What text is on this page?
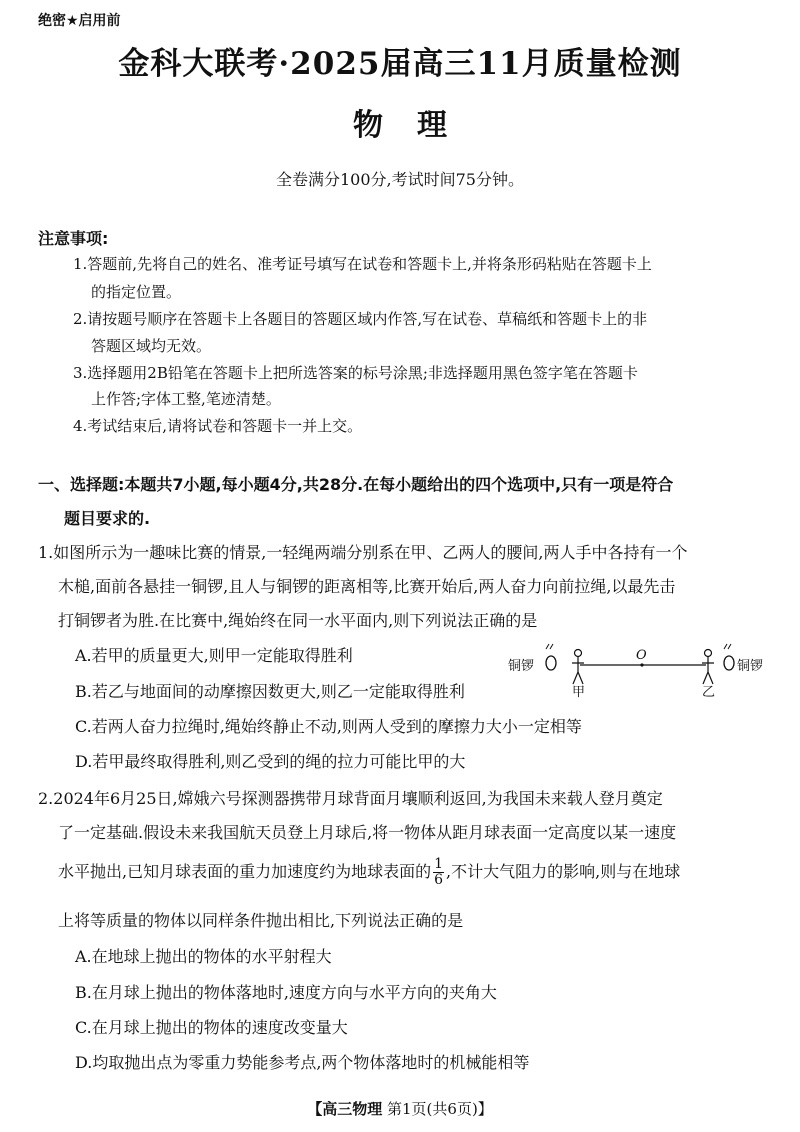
绝密★启用前
金科大联考·2025届高三11月质量检测
物理
全卷满分100分,考试时间75分钟。
注意事项:
1.答题前,先将自己的姓名、准考证号填写在试卷和答题卡上,并将条形码粘贴在答题卡上
的指定位置。
2.请按题号顺序在答题卡上各题目的答题区域内作答,写在试卷、草稿纸和答题卡上的非
答题区域均无效。
3.选择题用2B铅笔在答题卡上把所选答案的标号涂黑;非选择题用黑色签字笔在答题卡
上作答;字体工整,笔迹清楚。
4.考试结束后,请将试卷和答题卡一并上交。
一、选择题:本题共7小题,每小题4分,共28分.在每小题给出的四个选项中,只有一项是符合
题目要求的.
1.如图所示为一趣味比赛的情景,一轻绳两端分别系在甲、乙两人的腰间,两人手中各持有一个
木槌,面前各悬挂一铜锣,且人与铜锣的距离相等,比赛开始后,两人奋力向前拉绳,以最先击
打铜锣者为胜.在比赛中,绳始终在同一水平面内,则下列说法正确的是
A.若甲的质量更大,则甲一定能取得胜利
B.若乙与地面间的动摩擦因数更大,则乙一定能取得胜利
C.若两人奋力拉绳时,绳始终静止不动,则两人受到的摩擦力大小一定相等
D.若甲最终取得胜利,则乙受到的绳的拉力可能比甲的大
铜锣
甲
O
乙
铜锣
2.2024年6月25日,嫦娥六号探测器携带月球背面月壤顺利返回,为我国未来载人登月奠定
了一定基础.假设未来我国航天员登上月球后,将一物体从距月球表面一定高度以某一速度
水平抛出,已知月球表面的重力加速度约为地球表面的 $\frac{1}{6}$ ,不计大气阻力的影响,则与在地球
上将等质量的物体以同样条件抛出相比,下列说法正确的是
A.在地球上抛出的物体的水平射程大
B.在月球上抛出的物体落地时,速度方向与水平方向的夹角大
C.在月球上抛出的物体的速度改变量大
D.均取抛出点为零重力势能参考点,两个物体落地时的机械能相等
【高三物理 第1页(共6页)】
